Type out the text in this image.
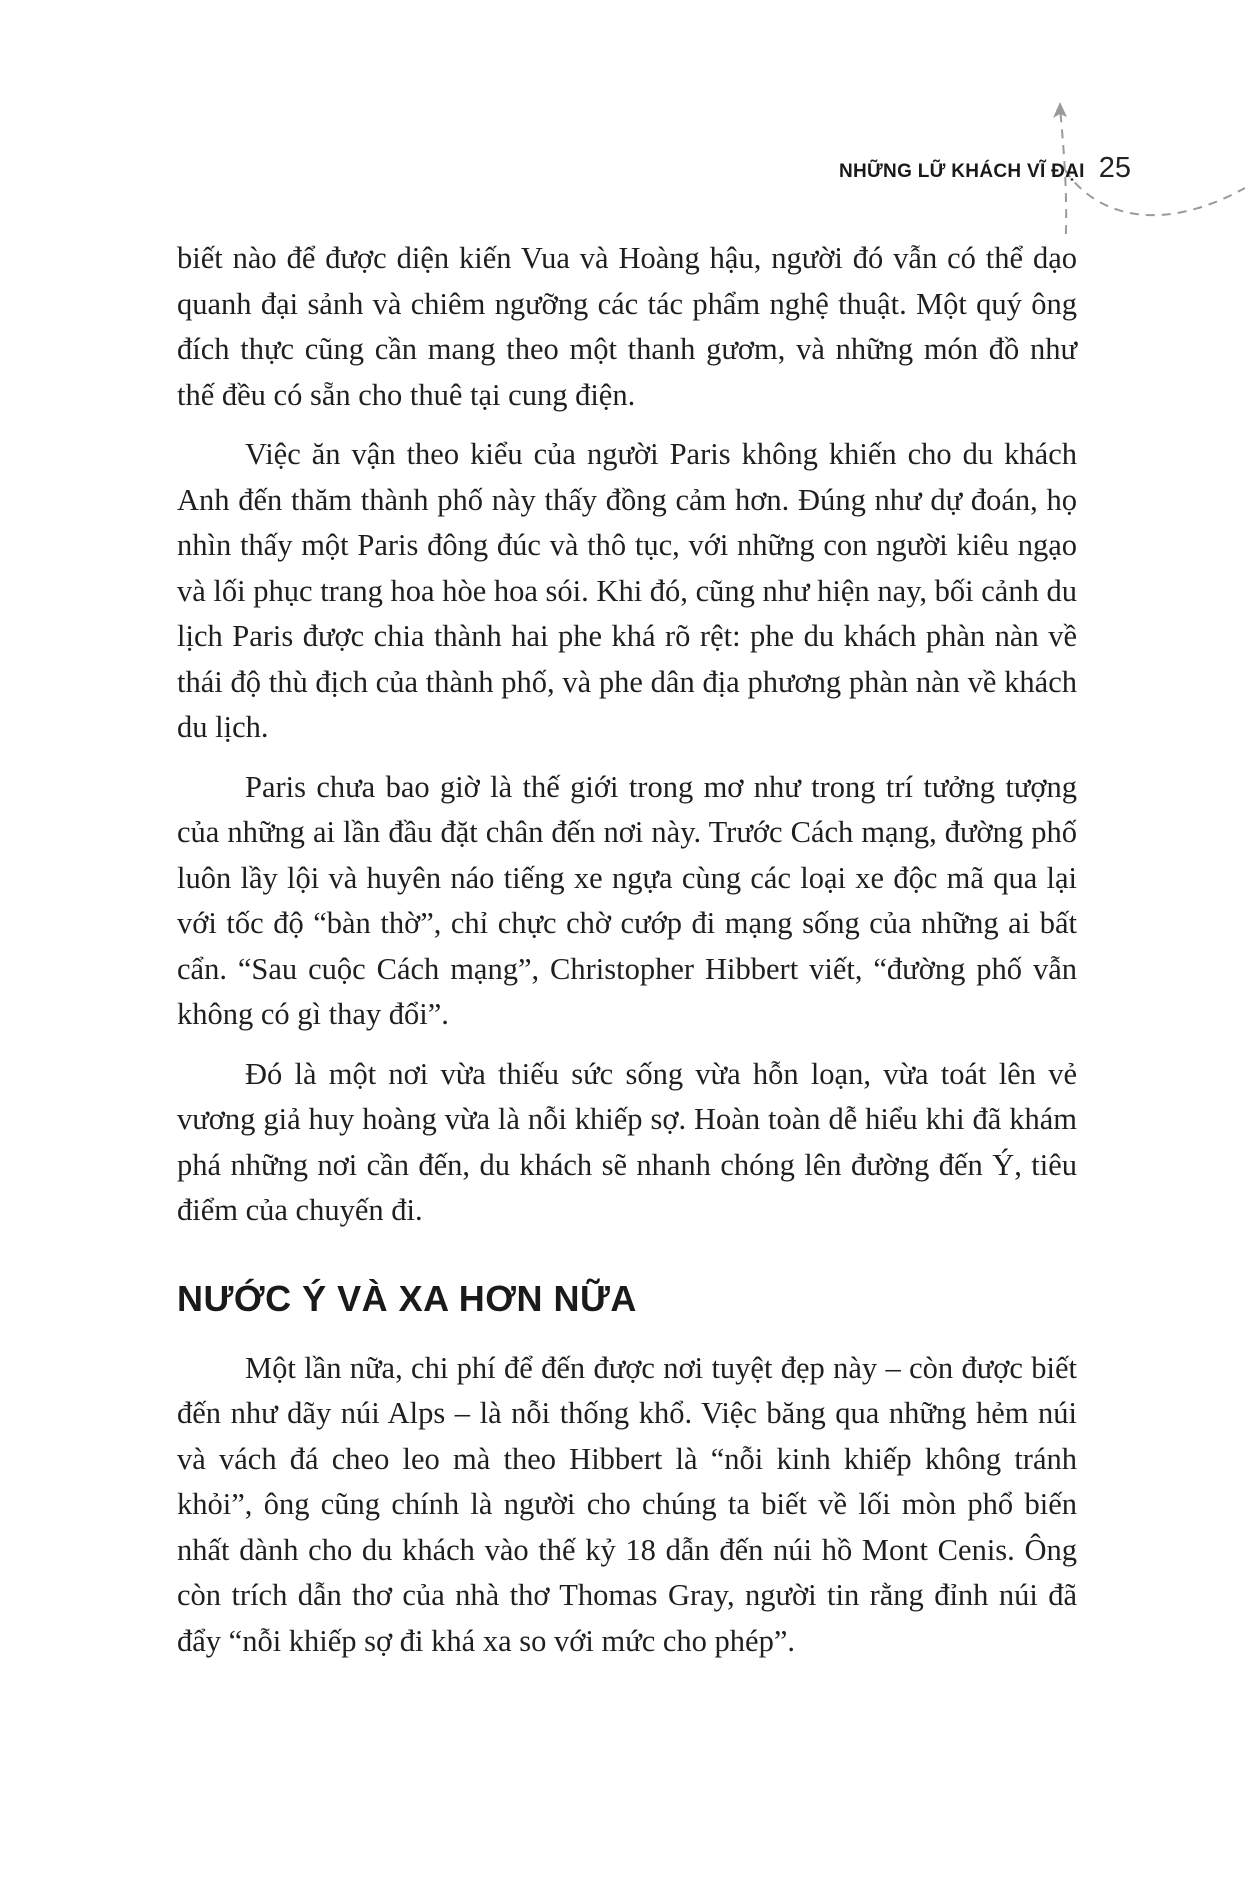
NHỮNG LỮ KHÁCH VĨ ĐẠI 25

biết nào để được diện kiến Vua và Hoàng hậu, người đó vẫn có thể dạo quanh đại sảnh và chiêm ngưỡng các tác phẩm nghệ thuật. Một quý ông đích thực cũng cần mang theo một thanh gươm, và những món đồ như thế đều có sẵn cho thuê tại cung điện.

Việc ăn vận theo kiểu của người Paris không khiến cho du khách Anh đến thăm thành phố này thấy đồng cảm hơn. Đúng như dự đoán, họ nhìn thấy một Paris đông đúc và thô tục, với những con người kiêu ngạo và lối phục trang hoa hòe hoa sói. Khi đó, cũng như hiện nay, bối cảnh du lịch Paris được chia thành hai phe khá rõ rệt: phe du khách phàn nàn về thái độ thù địch của thành phố, và phe dân địa phương phàn nàn về khách du lịch.

Paris chưa bao giờ là thế giới trong mơ như trong trí tưởng tượng của những ai lần đầu đặt chân đến nơi này. Trước Cách mạng, đường phố luôn lầy lội và huyên náo tiếng xe ngựa cùng các loại xe độc mã qua lại với tốc độ “bàn thờ”, chỉ chực chờ cướp đi mạng sống của những ai bất cẩn. “Sau cuộc Cách mạng”, Christopher Hibbert viết, “đường phố vẫn không có gì thay đổi”.

Đó là một nơi vừa thiếu sức sống vừa hỗn loạn, vừa toát lên vẻ vương giả huy hoàng vừa là nỗi khiếp sợ. Hoàn toàn dễ hiểu khi đã khám phá những nơi cần đến, du khách sẽ nhanh chóng lên đường đến Ý, tiêu điểm của chuyến đi.

NƯỚC Ý VÀ XA HƠN NỮA

Một lần nữa, chi phí để đến được nơi tuyệt đẹp này – còn được biết đến như dãy núi Alps – là nỗi thống khổ. Việc băng qua những hẻm núi và vách đá cheo leo mà theo Hibbert là “nỗi kinh khiếp không tránh khỏi”, ông cũng chính là người cho chúng ta biết về lối mòn phổ biến nhất dành cho du khách vào thế kỷ 18 dẫn đến núi hồ Mont Cenis. Ông còn trích dẫn thơ của nhà thơ Thomas Gray, người tin rằng đỉnh núi đã đẩy “nỗi khiếp sợ đi khá xa so với mức cho phép”.
